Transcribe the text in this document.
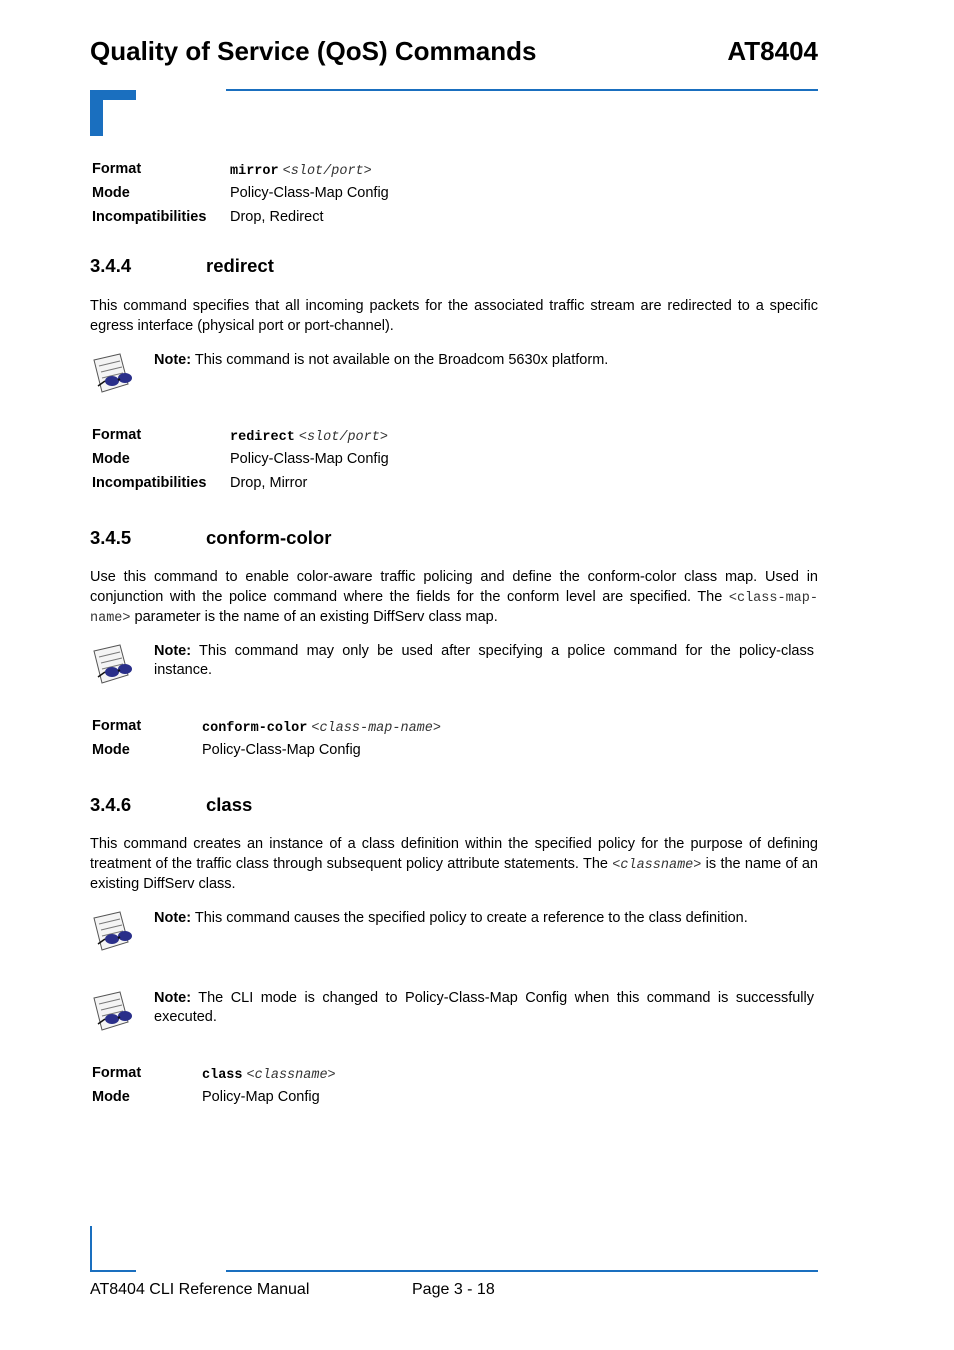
Quality of Service (QoS) Commands	AT8404
Format	mirror <slot/port>
Mode	Policy-Class-Map Config
Incompatibilities Drop, Redirect
3.4.4	redirect
This command specifies that all incoming packets for the associated traffic stream are redirected to a specific egress interface (physical port or port-channel).
Note: This command is not available on the Broadcom 5630x platform.
Format	redirect <slot/port>
Mode	Policy-Class-Map Config
Incompatibilities Drop, Mirror
3.4.5	conform-color
Use this command to enable color-aware traffic policing and define the conform-color class map. Used in conjunction with the police command where the fields for the conform level are specified. The <class-map-name> parameter is the name of an existing DiffServ class map.
Note: This command may only be used after specifying a police command for the policy-class instance.
Format	conform-color <class-map-name>
Mode	Policy-Class-Map Config
3.4.6	class
This command creates an instance of a class definition within the specified policy for the purpose of defining treatment of the traffic class through subsequent policy attribute statements. The <classname> is the name of an existing DiffServ class.
Note: This command causes the specified policy to create a reference to the class definition.
Note: The CLI mode is changed to Policy-Class-Map Config when this command is successfully executed.
Format	class <classname>
Mode	Policy-Map Config
AT8404 CLI Reference Manual	Page 3 - 18
